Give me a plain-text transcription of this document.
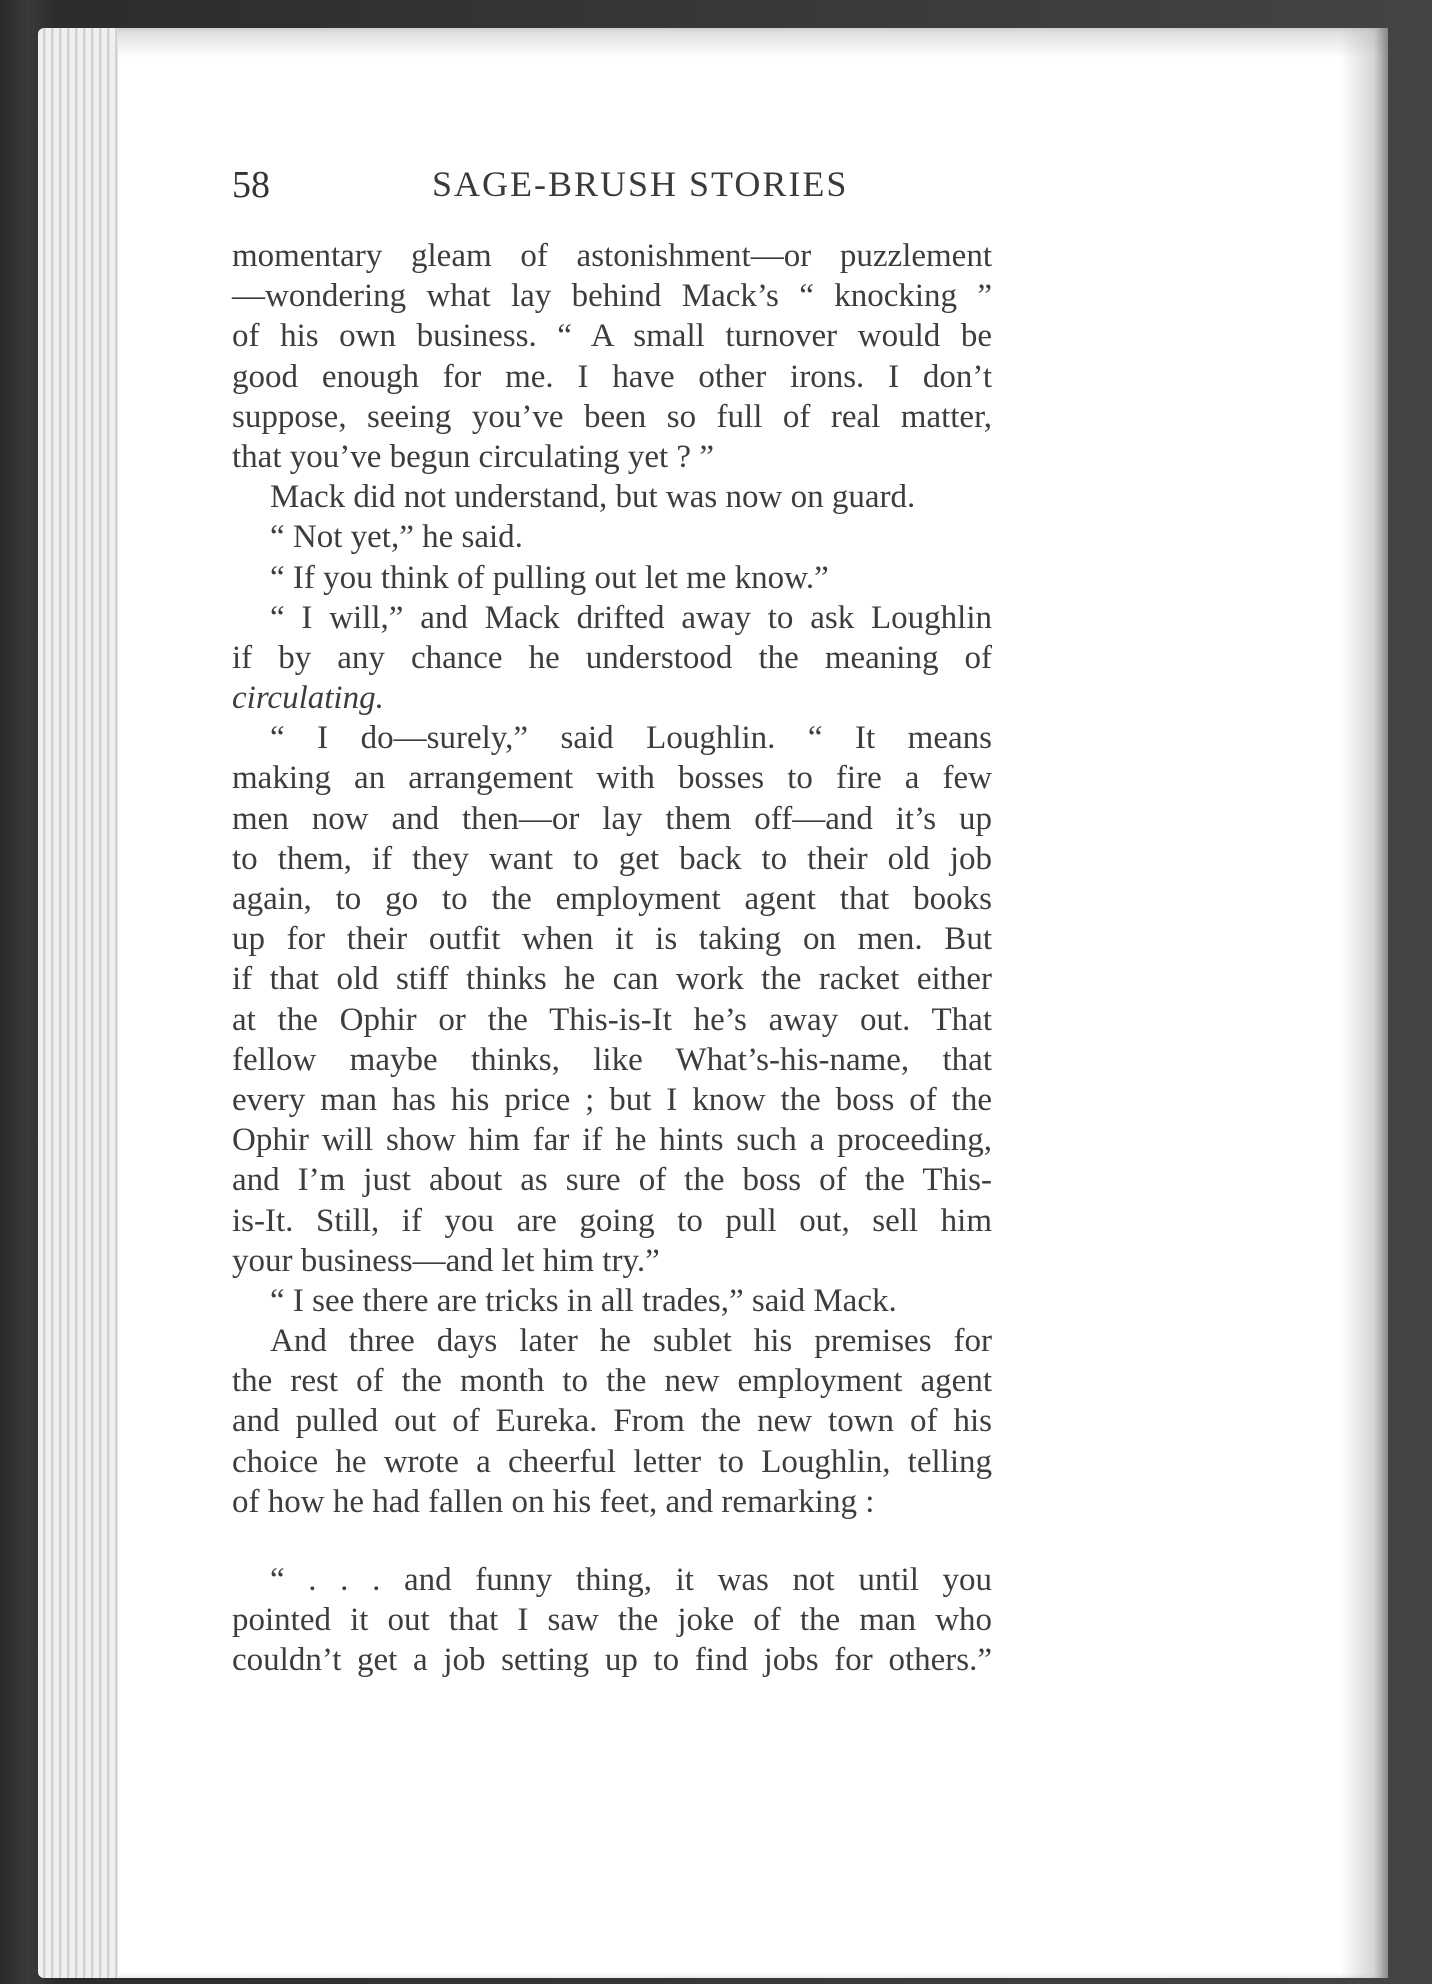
58	SAGE-BRUSH STORIES
momentary gleam of astonishment—or puzzlement
—wondering what lay behind Mack’s “ knocking ”
of his own business. “ A small turnover would be
good enough for me. I have other irons. I don’t
suppose, seeing you’ve been so full of real matter,
that you’ve begun circulating yet ? ”
Mack did not understand, but was now on guard.
“ Not yet,” he said.
“ If you think of pulling out let me know.”
“ I will,” and Mack drifted away to ask Loughlin
if by any chance he understood the meaning of
circulating.
“ I do—surely,” said Loughlin. “ It means
making an arrangement with bosses to fire a few
men now and then—or lay them off—and it’s up
to them, if they want to get back to their old job
again, to go to the employment agent that books
up for their outfit when it is taking on men. But
if that old stiff thinks he can work the racket either
at the Ophir or the This-is-It he’s away out. That
fellow maybe thinks, like What’s-his-name, that
every man has his price ; but I know the boss of the
Ophir will show him far if he hints such a proceeding,
and I’m just about as sure of the boss of the This-
is-It. Still, if you are going to pull out, sell him
your business—and let him try.”
“ I see there are tricks in all trades,” said Mack.
And three days later he sublet his premises for
the rest of the month to the new employment agent
and pulled out of Eureka. From the new town of his
choice he wrote a cheerful letter to Loughlin, telling
of how he had fallen on his feet, and remarking :
“ . . . and funny thing, it was not until you
pointed it out that I saw the joke of the man who
couldn’t get a job setting up to find jobs for others.”
